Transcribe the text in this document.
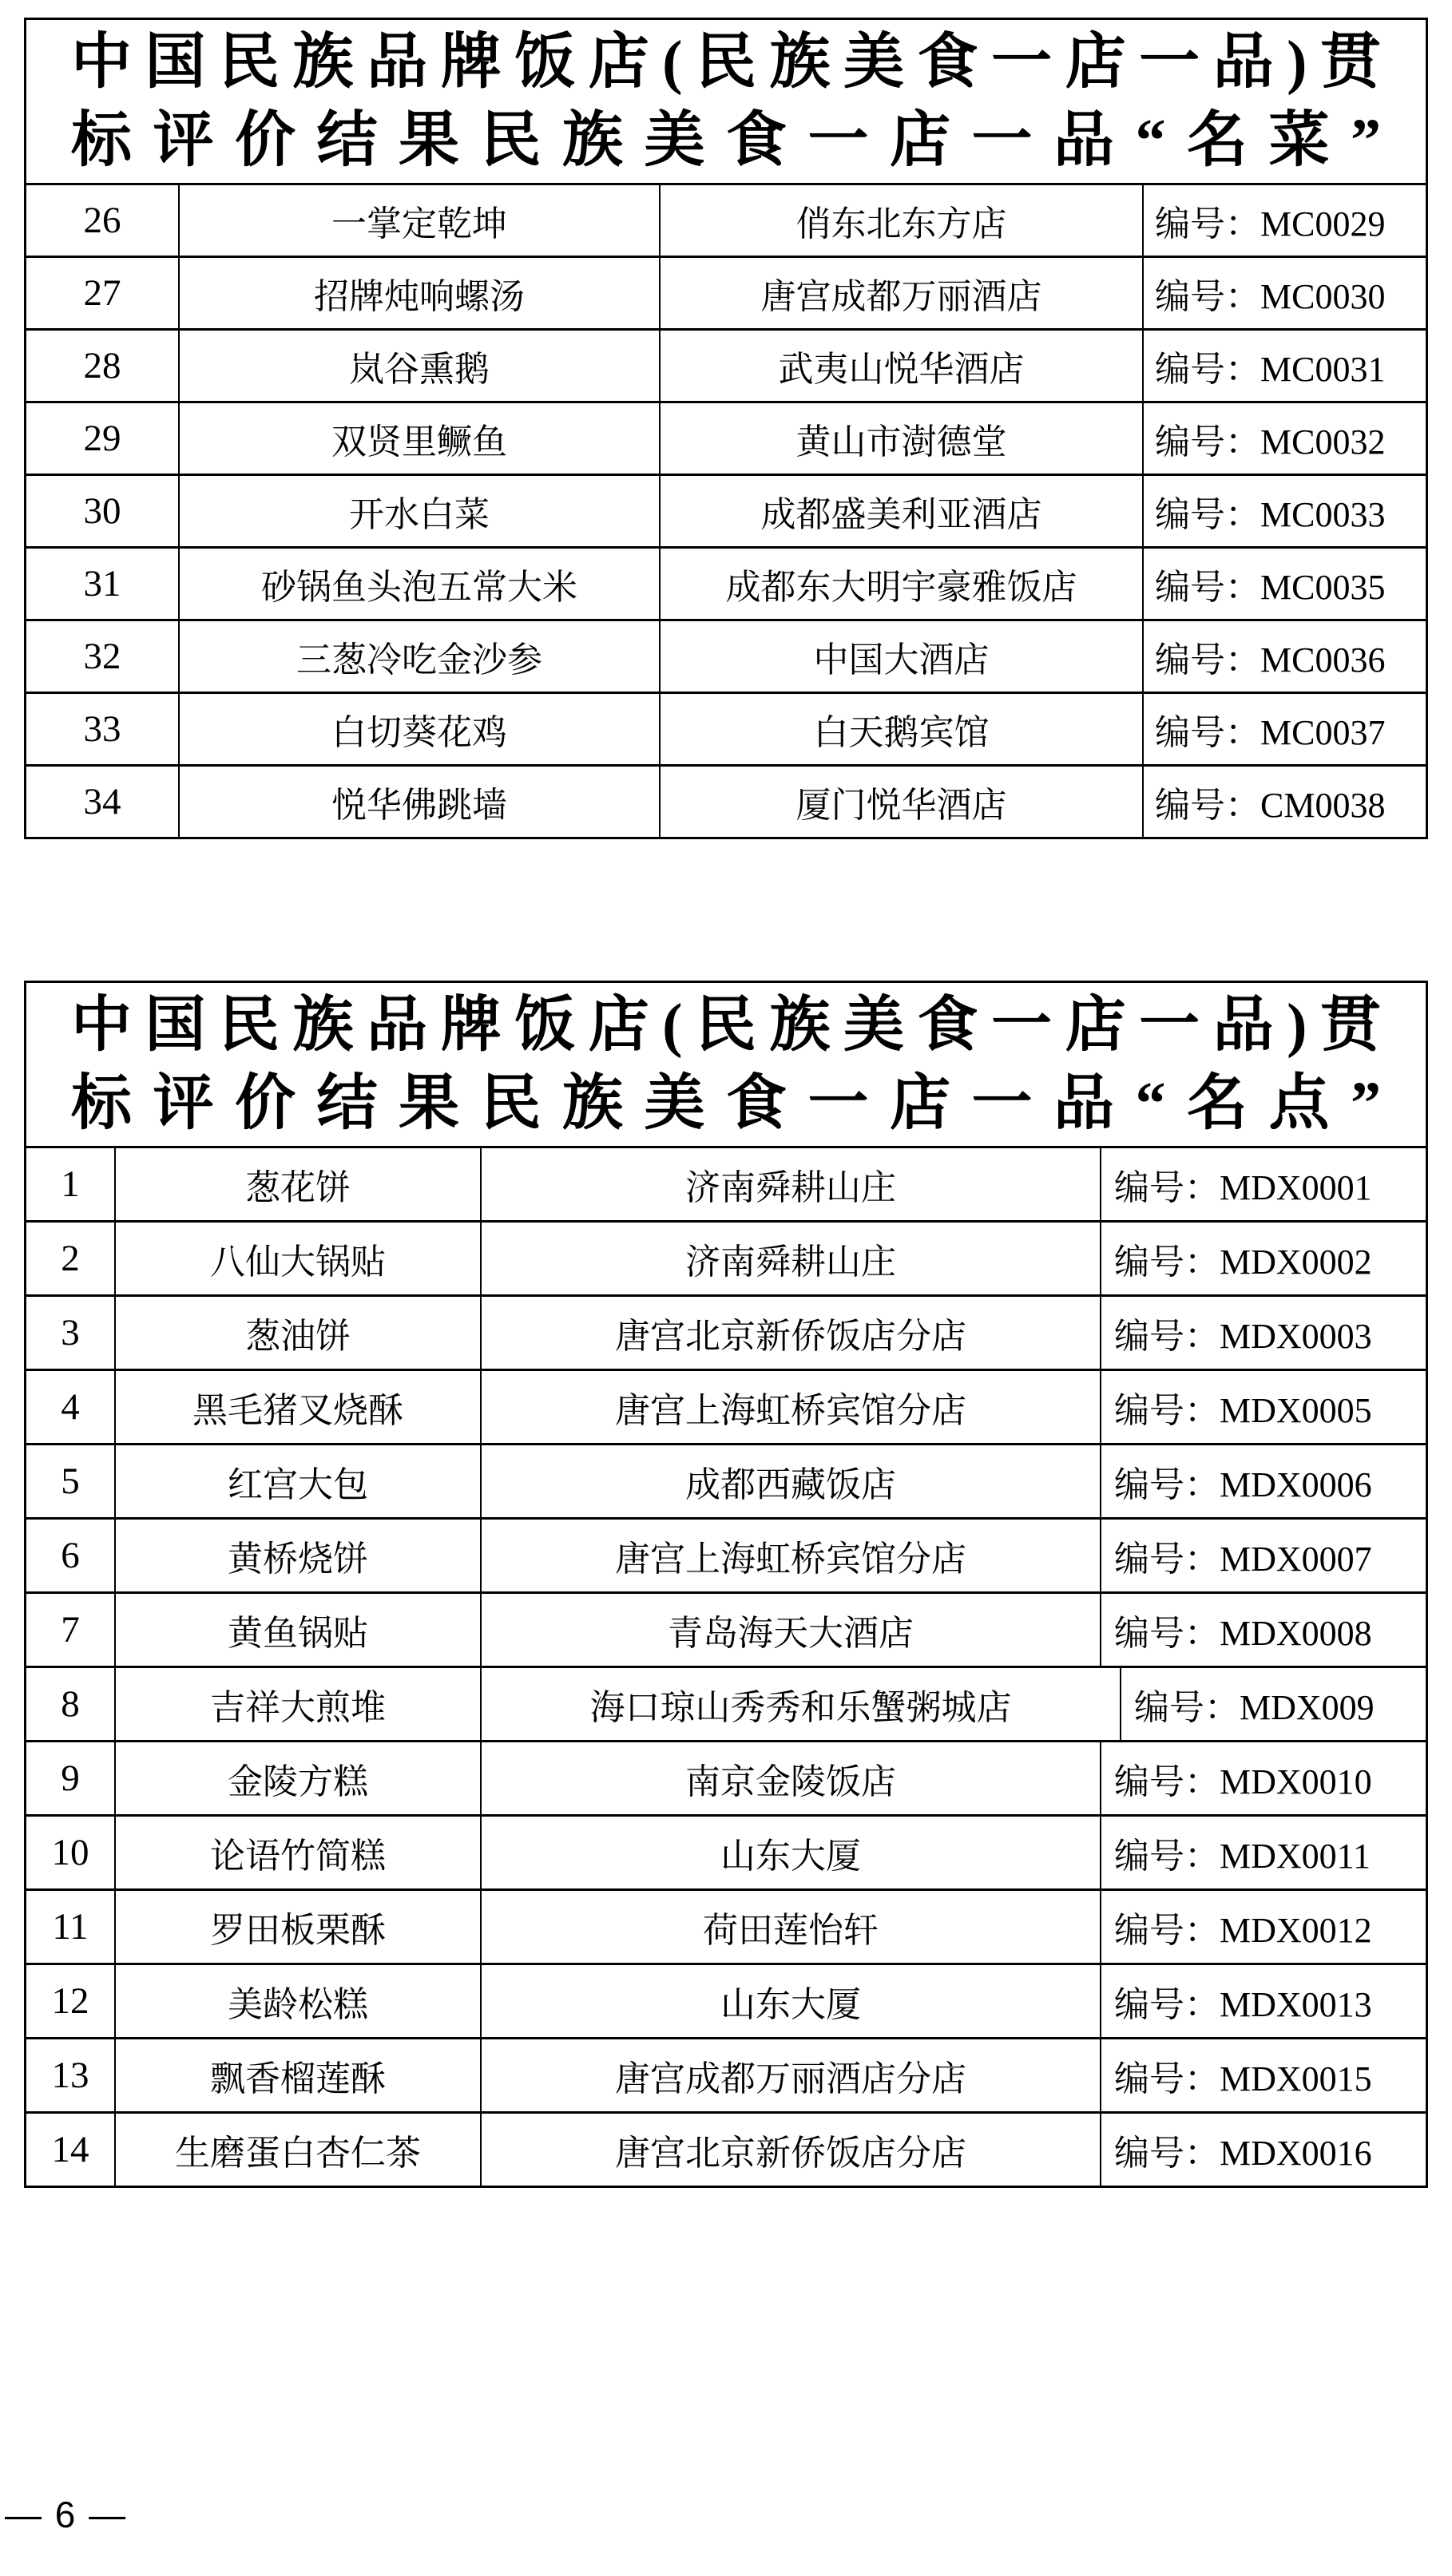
中国民族品牌饭店(民族美食一店一品)贯
标评价结果民族美食一店一品“名菜”
26	一掌定乾坤	俏东北东方店	编号：MC0029
27	招牌炖响螺汤	唐宫成都万丽酒店	编号：MC0030
28	岚谷熏鹅	武夷山悦华酒店	编号：MC0031
29	双贤里鳜鱼	黄山市澍德堂	编号：MC0032
30	开水白菜	成都盛美利亚酒店	编号：MC0033
31	砂锅鱼头泡五常大米	成都东大明宇豪雅饭店	编号：MC0035
32	三葱冷吃金沙参	中国大酒店	编号：MC0036
33	白切葵花鸡	白天鹅宾馆	编号：MC0037
34	悦华佛跳墙	厦门悦华酒店	编号：CM0038
中国民族品牌饭店(民族美食一店一品)贯
标评价结果民族美食一店一品“名点”
1	葱花饼	济南舜耕山庄	编号：MDX0001
2	八仙大锅贴	济南舜耕山庄	编号：MDX0002
3	葱油饼	唐宫北京新侨饭店分店	编号：MDX0003
4	黑毛猪叉烧酥	唐宫上海虹桥宾馆分店	编号：MDX0005
5	红宫大包	成都西藏饭店	编号：MDX0006
6	黄桥烧饼	唐宫上海虹桥宾馆分店	编号：MDX0007
7	黄鱼锅贴	青岛海天大酒店	编号：MDX0008
8	吉祥大煎堆	海口琼山秀秀和乐蟹粥城店	编号：MDX009
9	金陵方糕	南京金陵饭店	编号：MDX0010
10	论语竹简糕	山东大厦	编号：MDX0011
11	罗田板栗酥	荷田莲怡轩	编号：MDX0012
12	美龄松糕	山东大厦	编号：MDX0013
13	飘香榴莲酥	唐宫成都万丽酒店分店	编号：MDX0015
14	生磨蛋白杏仁茶	唐宫北京新侨饭店分店	编号：MDX0016
— 6 —
